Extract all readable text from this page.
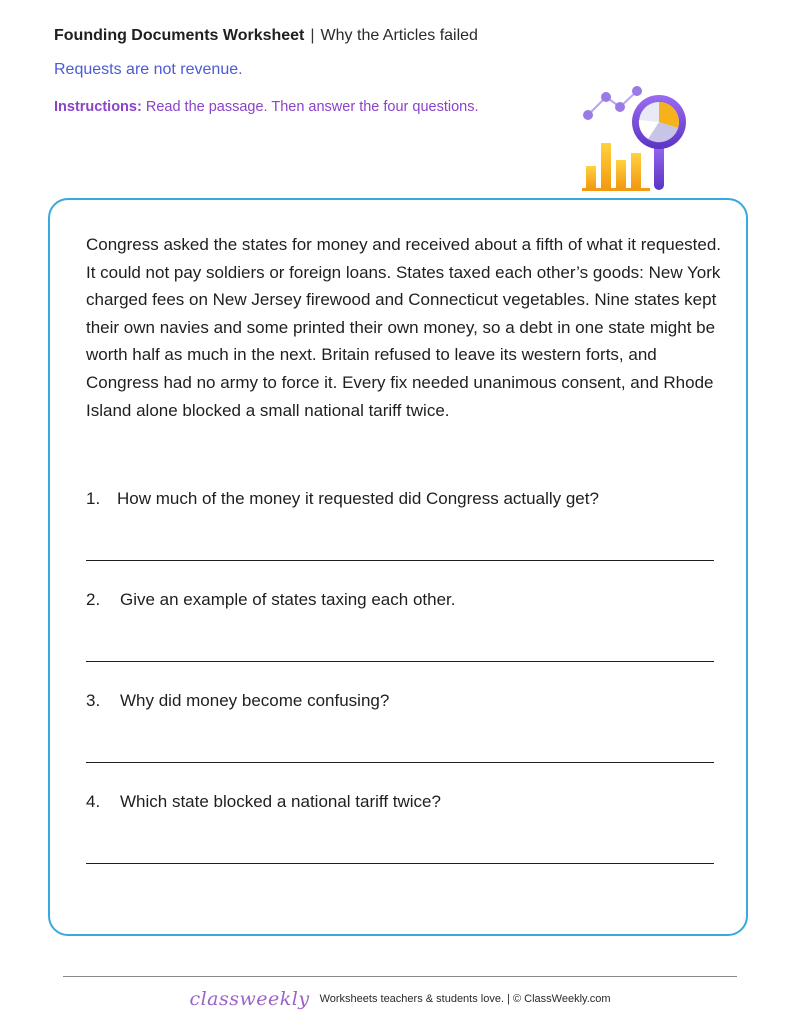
Founding Documents Worksheet | Why the Articles failed
Requests are not revenue.
Instructions: Read the passage. Then answer the four questions.
Congress asked the states for money and received about a fifth of what it requested. It could not pay soldiers or foreign loans. States taxed each other’s goods: New York charged fees on New Jersey firewood and Connecticut vegetables. Nine states kept their own navies and some printed their own money, so a debt in one state might be worth half as much in the next. Britain refused to leave its western forts, and Congress had no army to force it. Every fix needed unanimous consent, and Rhode Island alone blocked a small national tariff twice.
1. How much of the money it requested did Congress actually get?
2. Give an example of states taxing each other.
3. Why did money become confusing?
4. Which state blocked a national tariff twice?
classweekly Worksheets teachers & students love. | © ClassWeekly.com
